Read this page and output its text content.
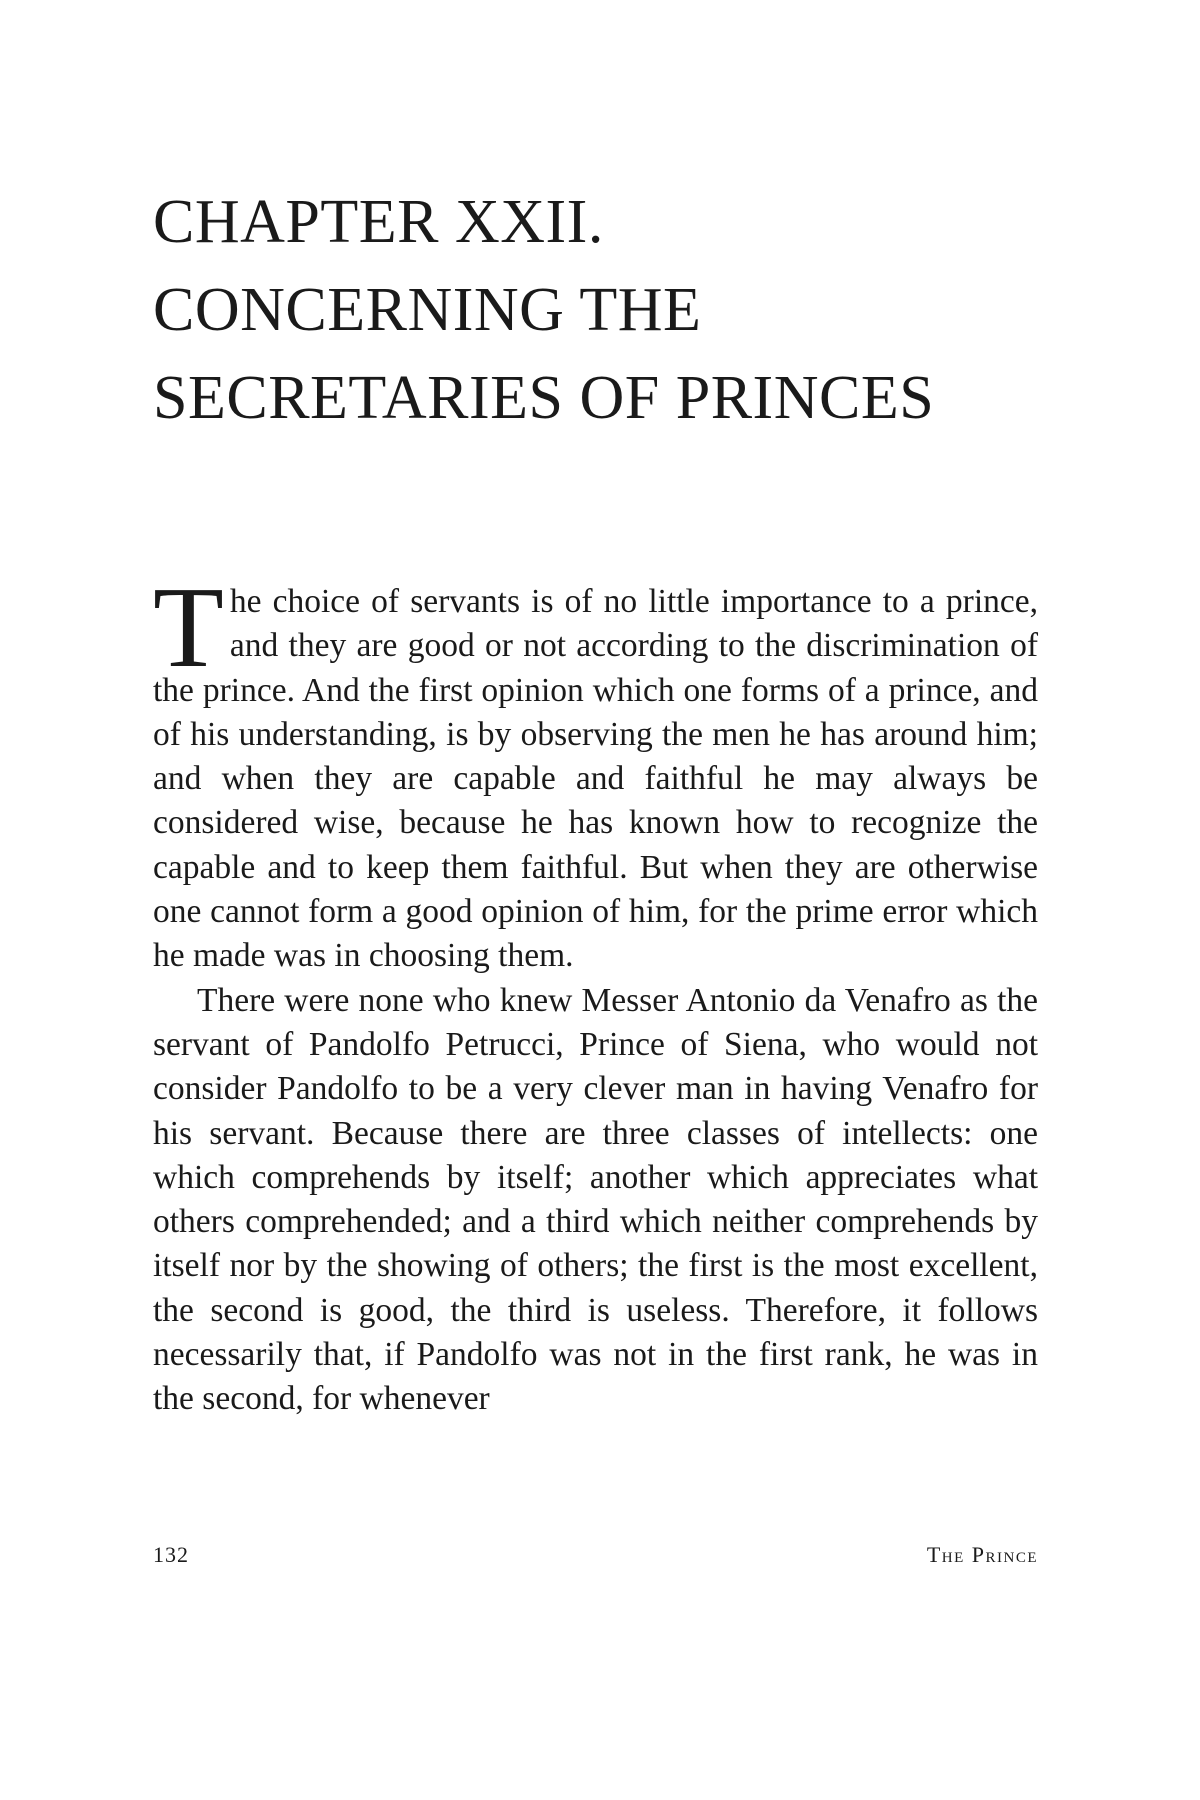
CHAPTER XXII.
CONCERNING THE
SECRETARIES OF PRINCES

The choice of servants is of no little importance to a prince, and they are good or not according to the discrimination of the prince. And the first opinion which one forms of a prince, and of his understanding, is by observing the men he has around him; and when they are capable and faithful he may always be considered wise, because he has known how to recognize the capable and to keep them faithful. But when they are otherwise one cannot form a good opinion of him, for the prime error which he made was in choosing them.

There were none who knew Messer Antonio da Venafro as the servant of Pandolfo Petrucci, Prince of Siena, who would not consider Pandolfo to be a very clever man in having Venafro for his servant. Because there are three classes of intellects: one which comprehends by itself; another which appreciates what others comprehended; and a third which neither comprehends by itself nor by the showing of others; the first is the most excellent, the second is good, the third is useless. Therefore, it follows necessarily that, if Pandolfo was not in the first rank, he was in the second, for whenever

132	The Prince
